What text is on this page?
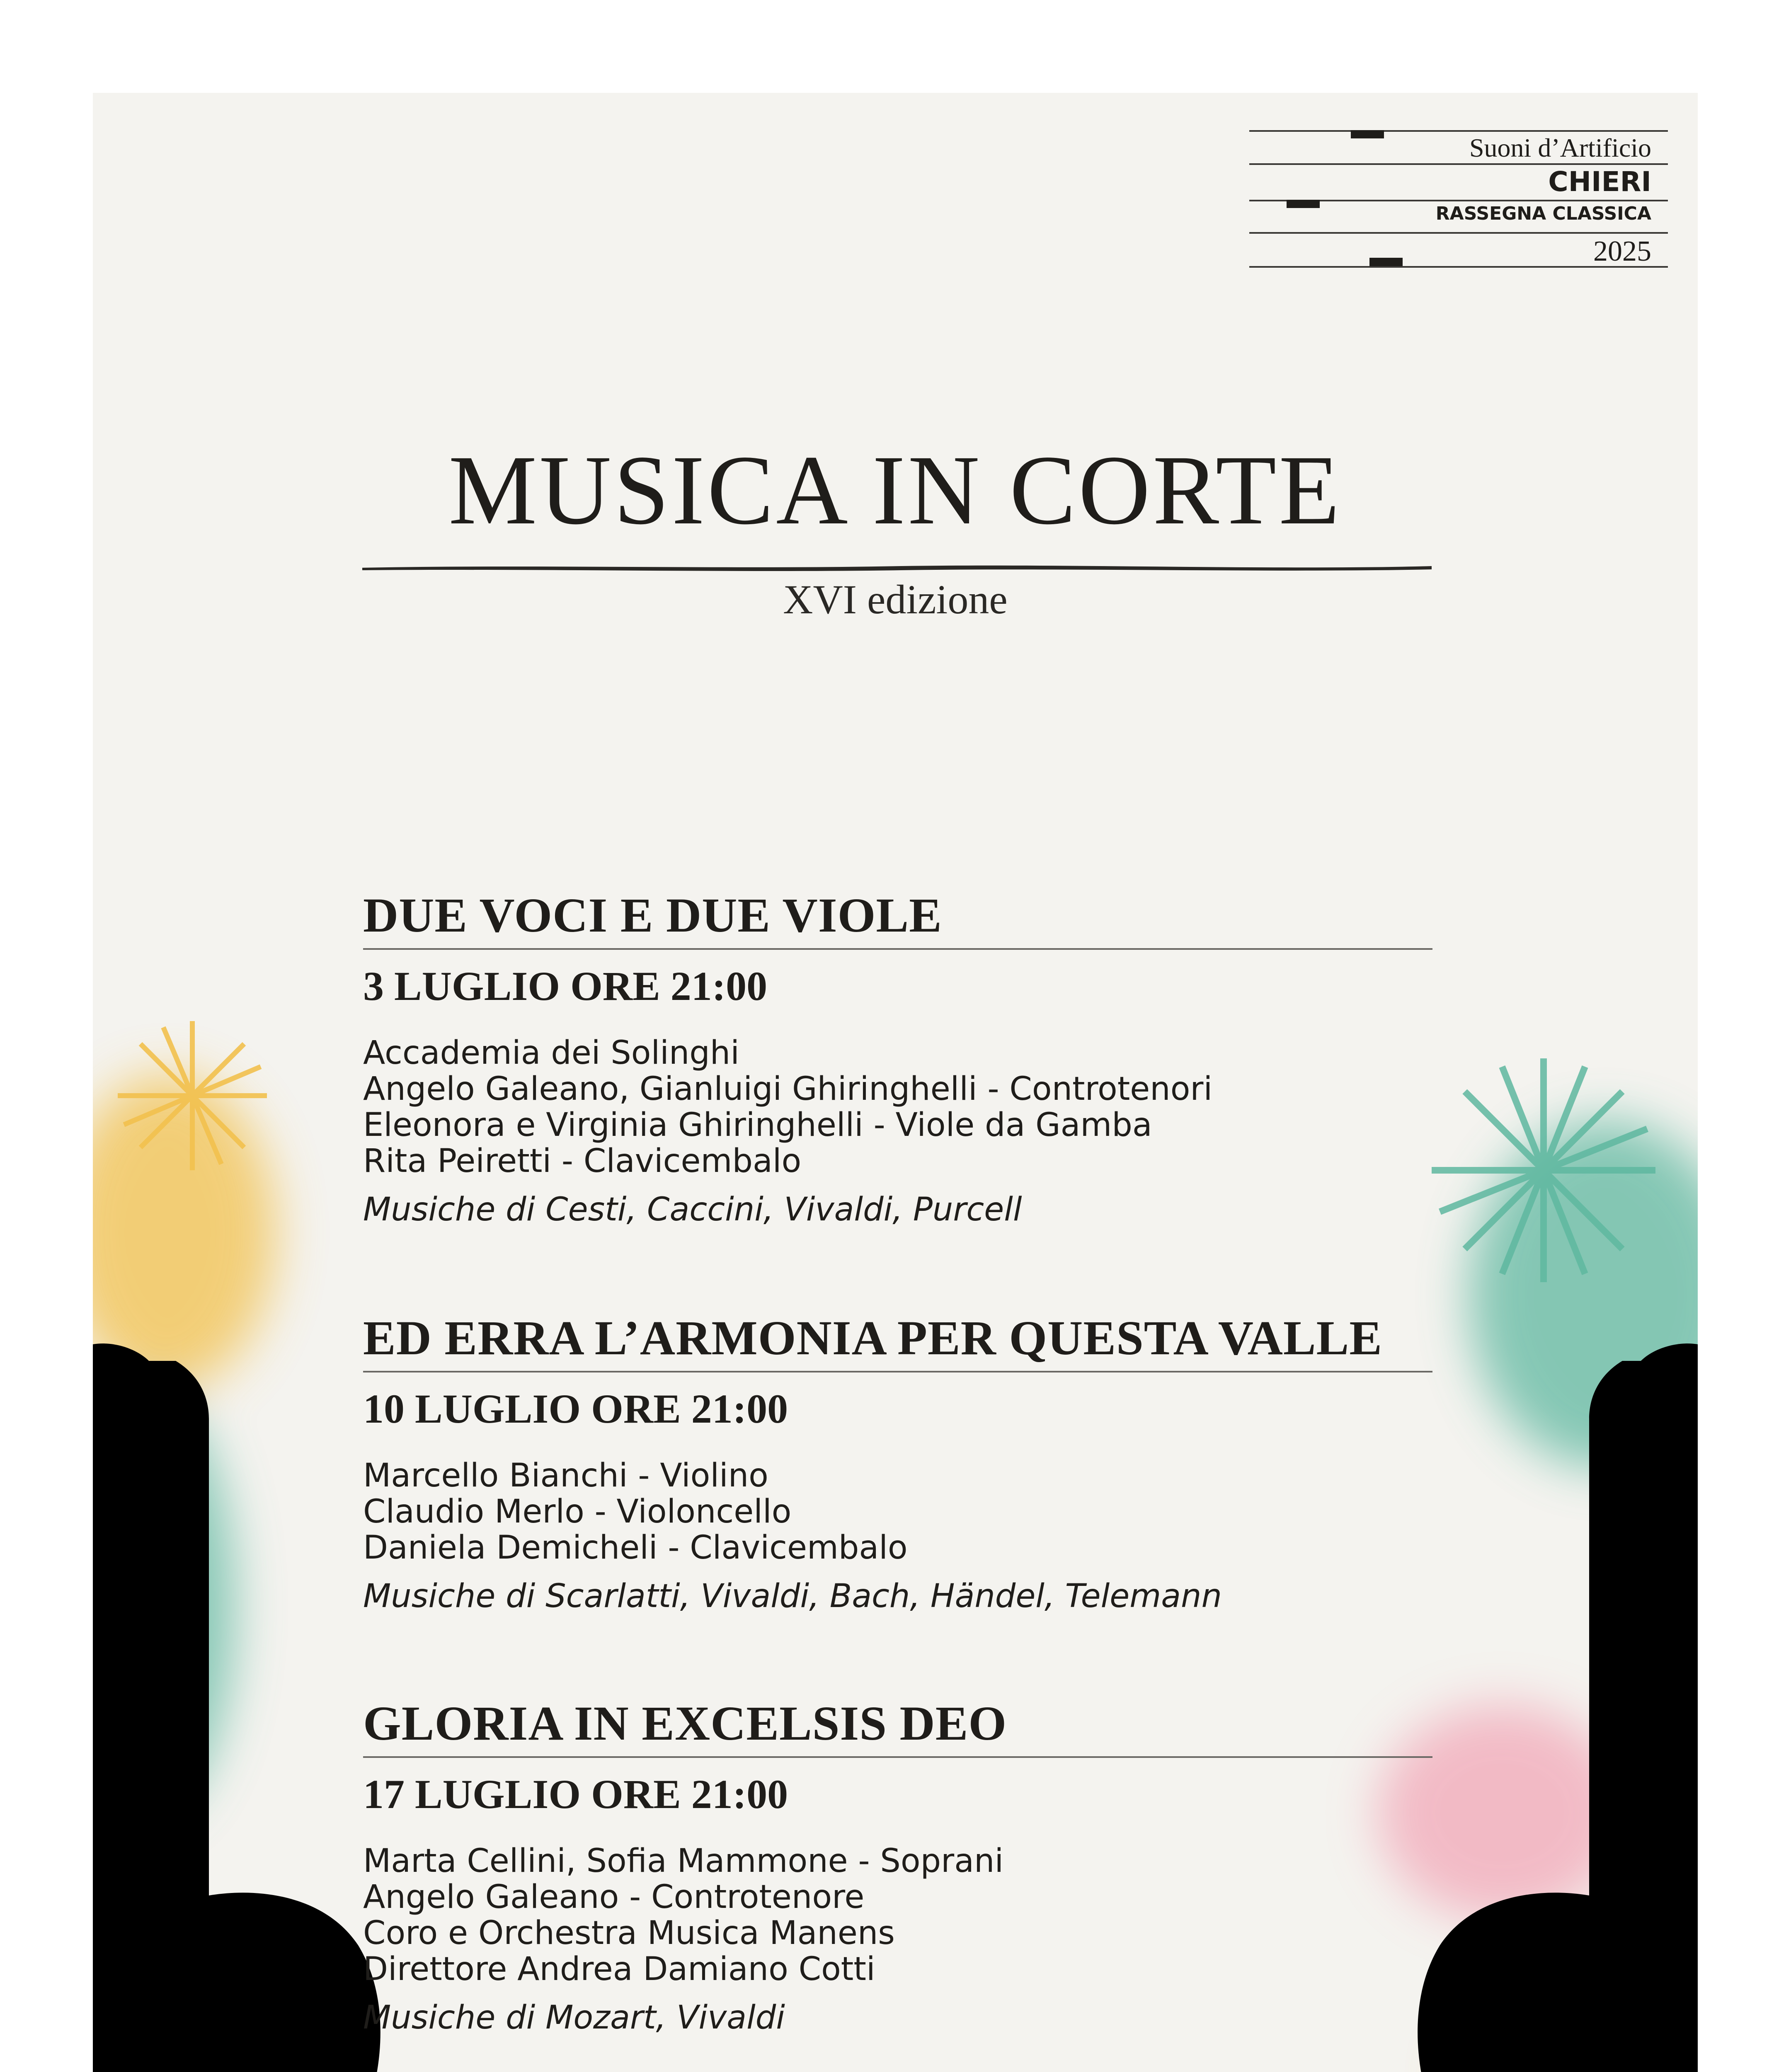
Suoni d’Artificio
CHIERI
RASSEGNA CLASSICA
2025
MUSICA IN CORTE
XVI edizione
DUE VOCI E DUE VIOLE
3 LUGLIO ORE 21:00
Accademia dei Solinghi
Angelo Galeano, Gianluigi Ghiringhelli - Controtenori
Eleonora e Virginia Ghiringhelli - Viole da Gamba
Rita Peiretti - Clavicembalo
Musiche di Cesti, Caccini, Vivaldi, Purcell
ED ERRA L’ARMONIA PER QUESTA VALLE
10 LUGLIO ORE 21:00
Marcello Bianchi - Violino
Claudio Merlo - Violoncello
Daniela Demicheli - Clavicembalo
Musiche di Scarlatti, Vivaldi, Bach, Händel, Telemann
GLORIA IN EXCELSIS DEO
17 LUGLIO ORE 21:00
Marta Cellini, Sofia Mammone - Soprani
Angelo Galeano - Controtenore
Coro e Orchestra Musica Manens
Direttore Andrea Damiano Cotti
Musiche di Mozart, Vivaldi
